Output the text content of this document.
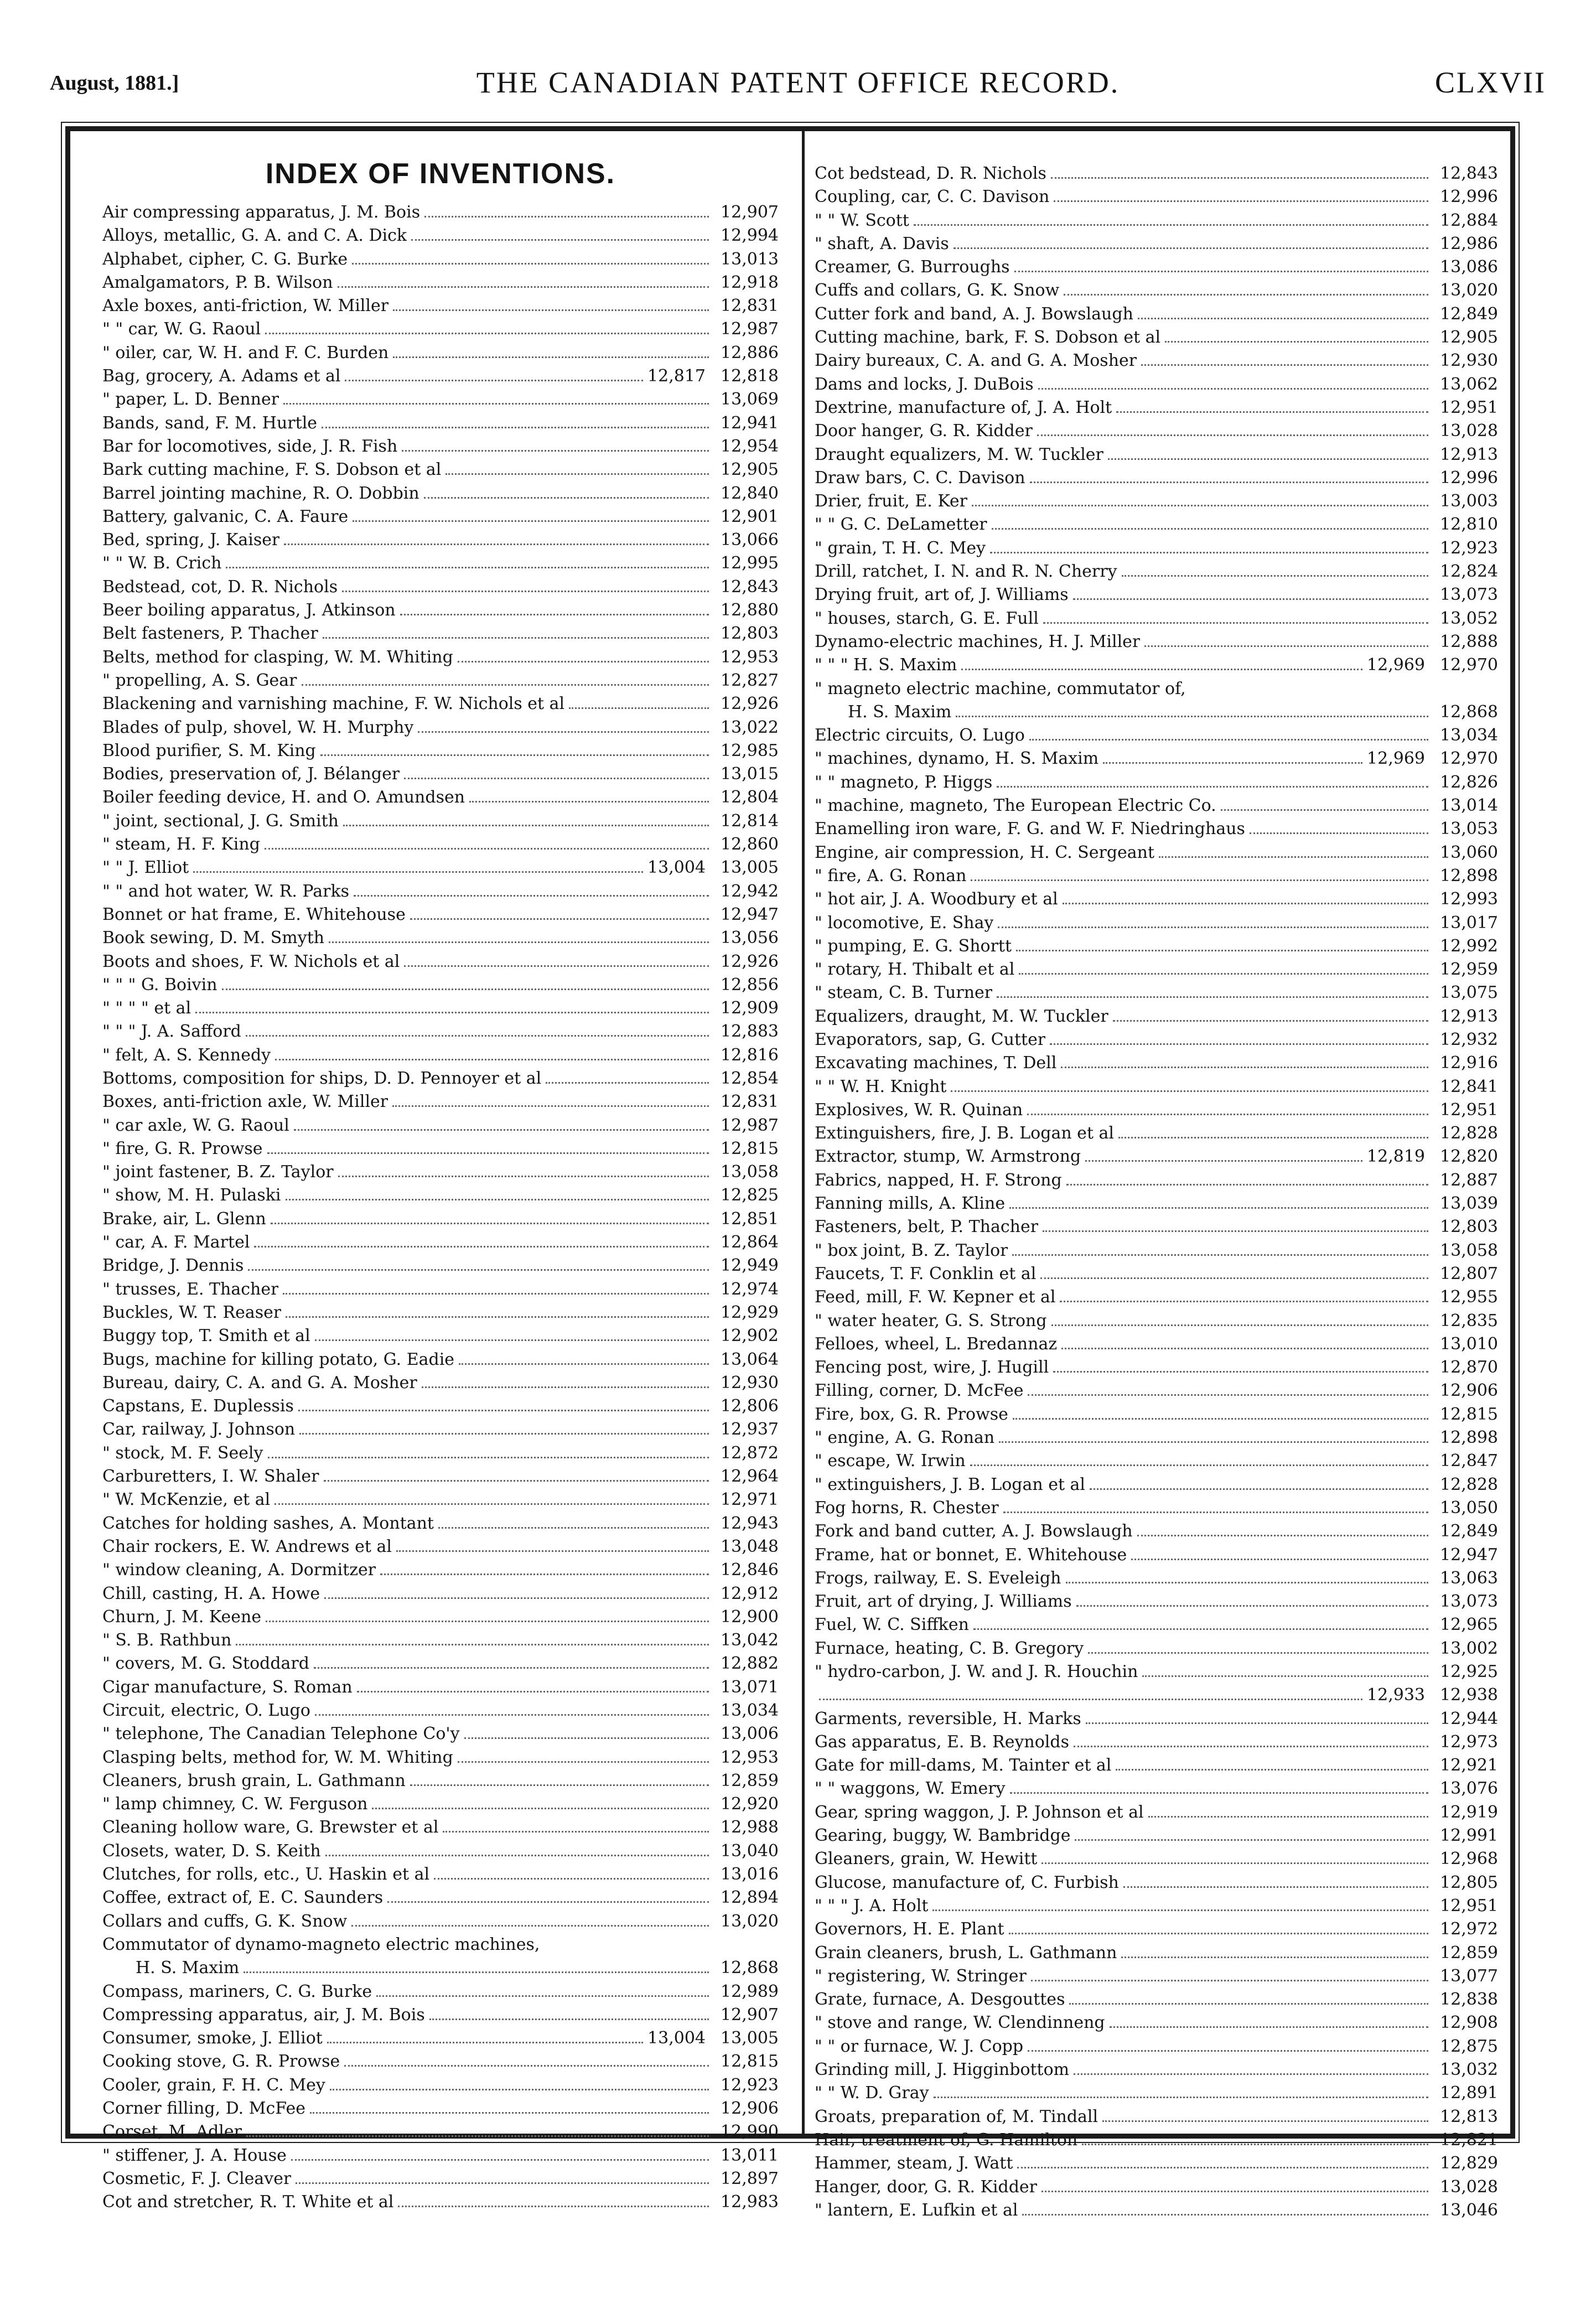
August, 1881.]	THE CANADIAN PATENT OFFICE RECORD.	CLXVII
INDEX OF INVENTIONS.
Air compressing apparatus, J. M. Bois	12,907
Alloys, metallic, G. A. and C. A. Dick	12,994
Alphabet, cipher, C. G. Burke	13,013
Amalgamators, P. B. Wilson	12,918
Axle boxes, anti-friction, W. Miller	12,831
" " car, W. G. Raoul	12,987
" oiler, car, W. H. and F. C. Burden	12,886
Bag, grocery, A. Adams et al	12,817 12,818
" paper, L. D. Benner	13,069
Bands, sand, F. M. Hurtle	12,941
Bar for locomotives, side, J. R. Fish	12,954
Bark cutting machine, F. S. Dobson et al	12,905
Barrel jointing machine, R. O. Dobbin	12,840
Battery, galvanic, C. A. Faure	12,901
Bed, spring, J. Kaiser	13,066
" " W. B. Crich	12,995
Bedstead, cot, D. R. Nichols	12,843
Beer boiling apparatus, J. Atkinson	12,880
Belt fasteners, P. Thacher	12,803
Belts, method for clasping, W. M. Whiting	12,953
" propelling, A. S. Gear	12,827
Blackening and varnishing machine, F. W. Nichols et al	12,926
Blades of pulp, shovel, W. H. Murphy	13,022
Blood purifier, S. M. King	12,985
Bodies, preservation of, J. Bélanger	13,015
Boiler feeding device, H. and O. Amundsen	12,804
" joint, sectional, J. G. Smith	12,814
" steam, H. F. King	12,860
" " J. Elliot	13,004 13,005
" " and hot water, W. R. Parks	12,942
Bonnet or hat frame, E. Whitehouse	12,947
Book sewing, D. M. Smyth	13,056
Boots and shoes, F. W. Nichols et al	12,926
" " " G. Boivin	12,856
" " " " et al	12,909
" " " J. A. Safford	12,883
" felt, A. S. Kennedy	12,816
Bottoms, composition for ships, D. D. Pennoyer et al	12,854
Boxes, anti-friction axle, W. Miller	12,831
" car axle, W. G. Raoul	12,987
" fire, G. R. Prowse	12,815
" joint fastener, B. Z. Taylor	13,058
" show, M. H. Pulaski	12,825
Brake, air, L. Glenn	12,851
" car, A. F. Martel	12,864
Bridge, J. Dennis	12,949
" trusses, E. Thacher	12,974
Buckles, W. T. Reaser	12,929
Buggy top, T. Smith et al	12,902
Bugs, machine for killing potato, G. Eadie	13,064
Bureau, dairy, C. A. and G. A. Mosher	12,930
Capstans, E. Duplessis	12,806
Car, railway, J. Johnson	12,937
" stock, M. F. Seely	12,872
Carburetters, I. W. Shaler	12,964
" W. McKenzie, et al	12,971
Catches for holding sashes, A. Montant	12,943
Chair rockers, E. W. Andrews et al	13,048
" window cleaning, A. Dormitzer	12,846
Chill, casting, H. A. Howe	12,912
Churn, J. M. Keene	12,900
" S. B. Rathbun	13,042
" covers, M. G. Stoddard	12,882
Cigar manufacture, S. Roman	13,071
Circuit, electric, O. Lugo	13,034
" telephone, The Canadian Telephone Co'y	13,006
Clasping belts, method for, W. M. Whiting	12,953
Cleaners, brush grain, L. Gathmann	12,859
" lamp chimney, C. W. Ferguson	12,920
Cleaning hollow ware, G. Brewster et al	12,988
Closets, water, D. S. Keith	13,040
Clutches, for rolls, etc., U. Haskin et al	13,016
Coffee, extract of, E. C. Saunders	12,894
Collars and cuffs, G. K. Snow	13,020
Commutator of dynamo-magneto electric machines,
H. S. Maxim	12,868
Compass, mariners, C. G. Burke	12,989
Compressing apparatus, air, J. M. Bois	12,907
Consumer, smoke, J. Elliot	13,004 13,005
Cooking stove, G. R. Prowse	12,815
Cooler, grain, F. H. C. Mey	12,923
Corner filling, D. McFee	12,906
Corset, M. Adler	12,990
" stiffener, J. A. House	13,011
Cosmetic, F. J. Cleaver	12,897
Cot and stretcher, R. T. White et al	12,983
Cot bedstead, D. R. Nichols	12,843
Coupling, car, C. C. Davison	12,996
" " W. Scott	12,884
" shaft, A. Davis	12,986
Creamer, G. Burroughs	13,086
Cuffs and collars, G. K. Snow	13,020
Cutter fork and band, A. J. Bowslaugh	12,849
Cutting machine, bark, F. S. Dobson et al	12,905
Dairy bureaux, C. A. and G. A. Mosher	12,930
Dams and locks, J. DuBois	13,062
Dextrine, manufacture of, J. A. Holt	12,951
Door hanger, G. R. Kidder	13,028
Draught equalizers, M. W. Tuckler	12,913
Draw bars, C. C. Davison	12,996
Drier, fruit, E. Ker	13,003
" " G. C. DeLametter	12,810
" grain, T. H. C. Mey	12,923
Drill, ratchet, I. N. and R. N. Cherry	12,824
Drying fruit, art of, J. Williams	13,073
" houses, starch, G. E. Full	13,052
Dynamo-electric machines, H. J. Miller	12,888
" " " H. S. Maxim	12,969 12,970
" magneto electric machine, commutator of,
H. S. Maxim	12,868
Electric circuits, O. Lugo	13,034
" machines, dynamo, H. S. Maxim	12,969 12,970
" " magneto, P. Higgs	12,826
" machine, magneto, The European Electric Co.	13,014
Enamelling iron ware, F. G. and W. F. Niedringhaus	13,053
Engine, air compression, H. C. Sergeant	13,060
" fire, A. G. Ronan	12,898
" hot air, J. A. Woodbury et al	12,993
" locomotive, E. Shay	13,017
" pumping, E. G. Shortt	12,992
" rotary, H. Thibalt et al	12,959
" steam, C. B. Turner	13,075
Equalizers, draught, M. W. Tuckler	12,913
Evaporators, sap, G. Cutter	12,932
Excavating machines, T. Dell	12,916
" " W. H. Knight	12,841
Explosives, W. R. Quinan	12,951
Extinguishers, fire, J. B. Logan et al	12,828
Extractor, stump, W. Armstrong	12,819 12,820
Fabrics, napped, H. F. Strong	12,887
Fanning mills, A. Kline	13,039
Fasteners, belt, P. Thacher	12,803
" box joint, B. Z. Taylor	13,058
Faucets, T. F. Conklin et al	12,807
Feed, mill, F. W. Kepner et al	12,955
" water heater, G. S. Strong	12,835
Felloes, wheel, L. Bredannaz	13,010
Fencing post, wire, J. Hugill	12,870
Filling, corner, D. McFee	12,906
Fire, box, G. R. Prowse	12,815
" engine, A. G. Ronan	12,898
" escape, W. Irwin	12,847
" extinguishers, J. B. Logan et al	12,828
Fog horns, R. Chester	13,050
Fork and band cutter, A. J. Bowslaugh	12,849
Frame, hat or bonnet, E. Whitehouse	12,947
Frogs, railway, E. S. Eveleigh	13,063
Fruit, art of drying, J. Williams	13,073
Fuel, W. C. Siffken	12,965
Furnace, heating, C. B. Gregory	13,002
" hydro-carbon, J. W. and J. R. Houchin	12,925
12,933 12,938
Garments, reversible, H. Marks	12,944
Gas apparatus, E. B. Reynolds	12,973
Gate for mill-dams, M. Tainter et al	12,921
" " waggons, W. Emery	13,076
Gear, spring waggon, J. P. Johnson et al	12,919
Gearing, buggy, W. Bambridge	12,991
Gleaners, grain, W. Hewitt	12,968
Glucose, manufacture of, C. Furbish	12,805
" " " J. A. Holt	12,951
Governors, H. E. Plant	12,972
Grain cleaners, brush, L. Gathmann	12,859
" registering, W. Stringer	13,077
Grate, furnace, A. Desgouttes	12,838
" stove and range, W. Clendinneng	12,908
" " or furnace, W. J. Copp	12,875
Grinding mill, J. Higginbottom	13,032
" " W. D. Gray	12,891
Groats, preparation of, M. Tindall	12,813
Hair, treatment of, G. Hamilton	12,821
Hammer, steam, J. Watt	12,829
Hanger, door, G. R. Kidder	13,028
" lantern, E. Lufkin et al	13,046
